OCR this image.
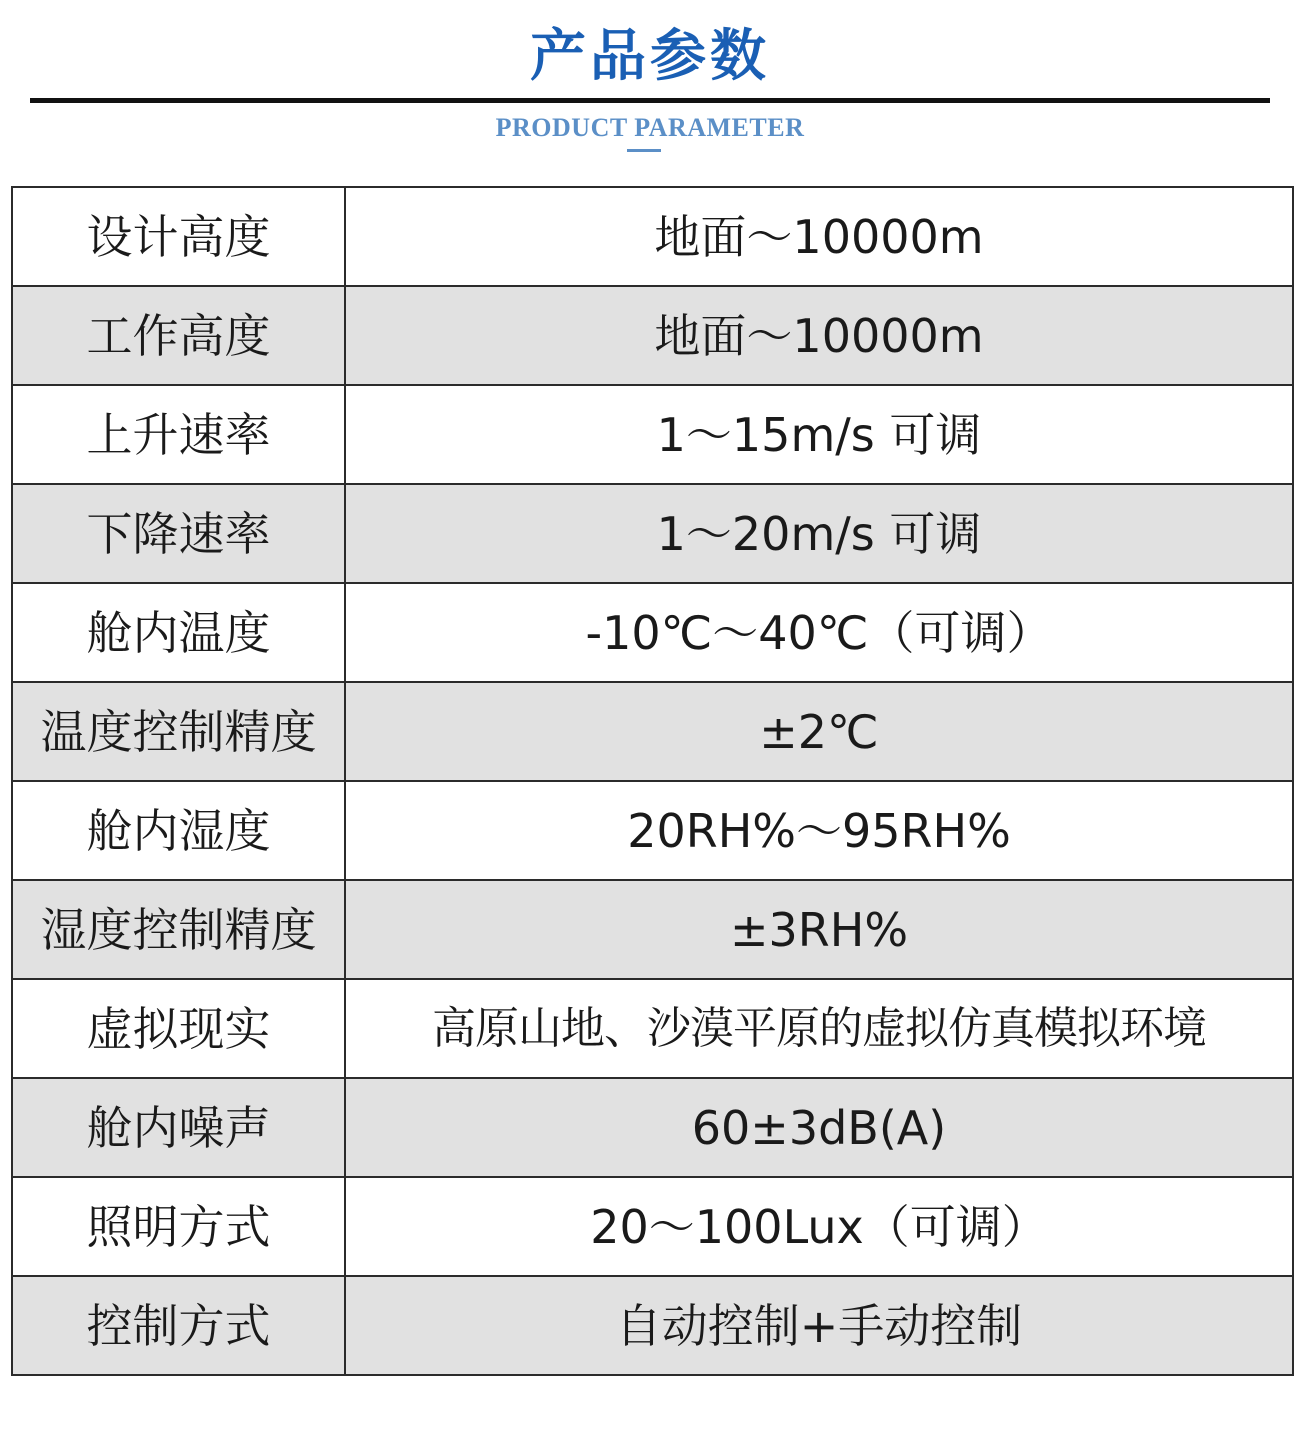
产品参数
PRODUCT PARAMETER
设计高度	地面～10000m
工作高度	地面～10000m
上升速率	1～15m/s 可调
下降速率	1～20m/s 可调
舱内温度	-10℃～40℃（可调）
温度控制精度	±2℃
舱内湿度	20RH%～95RH%
湿度控制精度	±3RH%
虚拟现实	高原山地、沙漠平原的虚拟仿真模拟环境
舱内噪声	60±3dB(A)
照明方式	20～100Lux（可调）
控制方式	自动控制+手动控制
